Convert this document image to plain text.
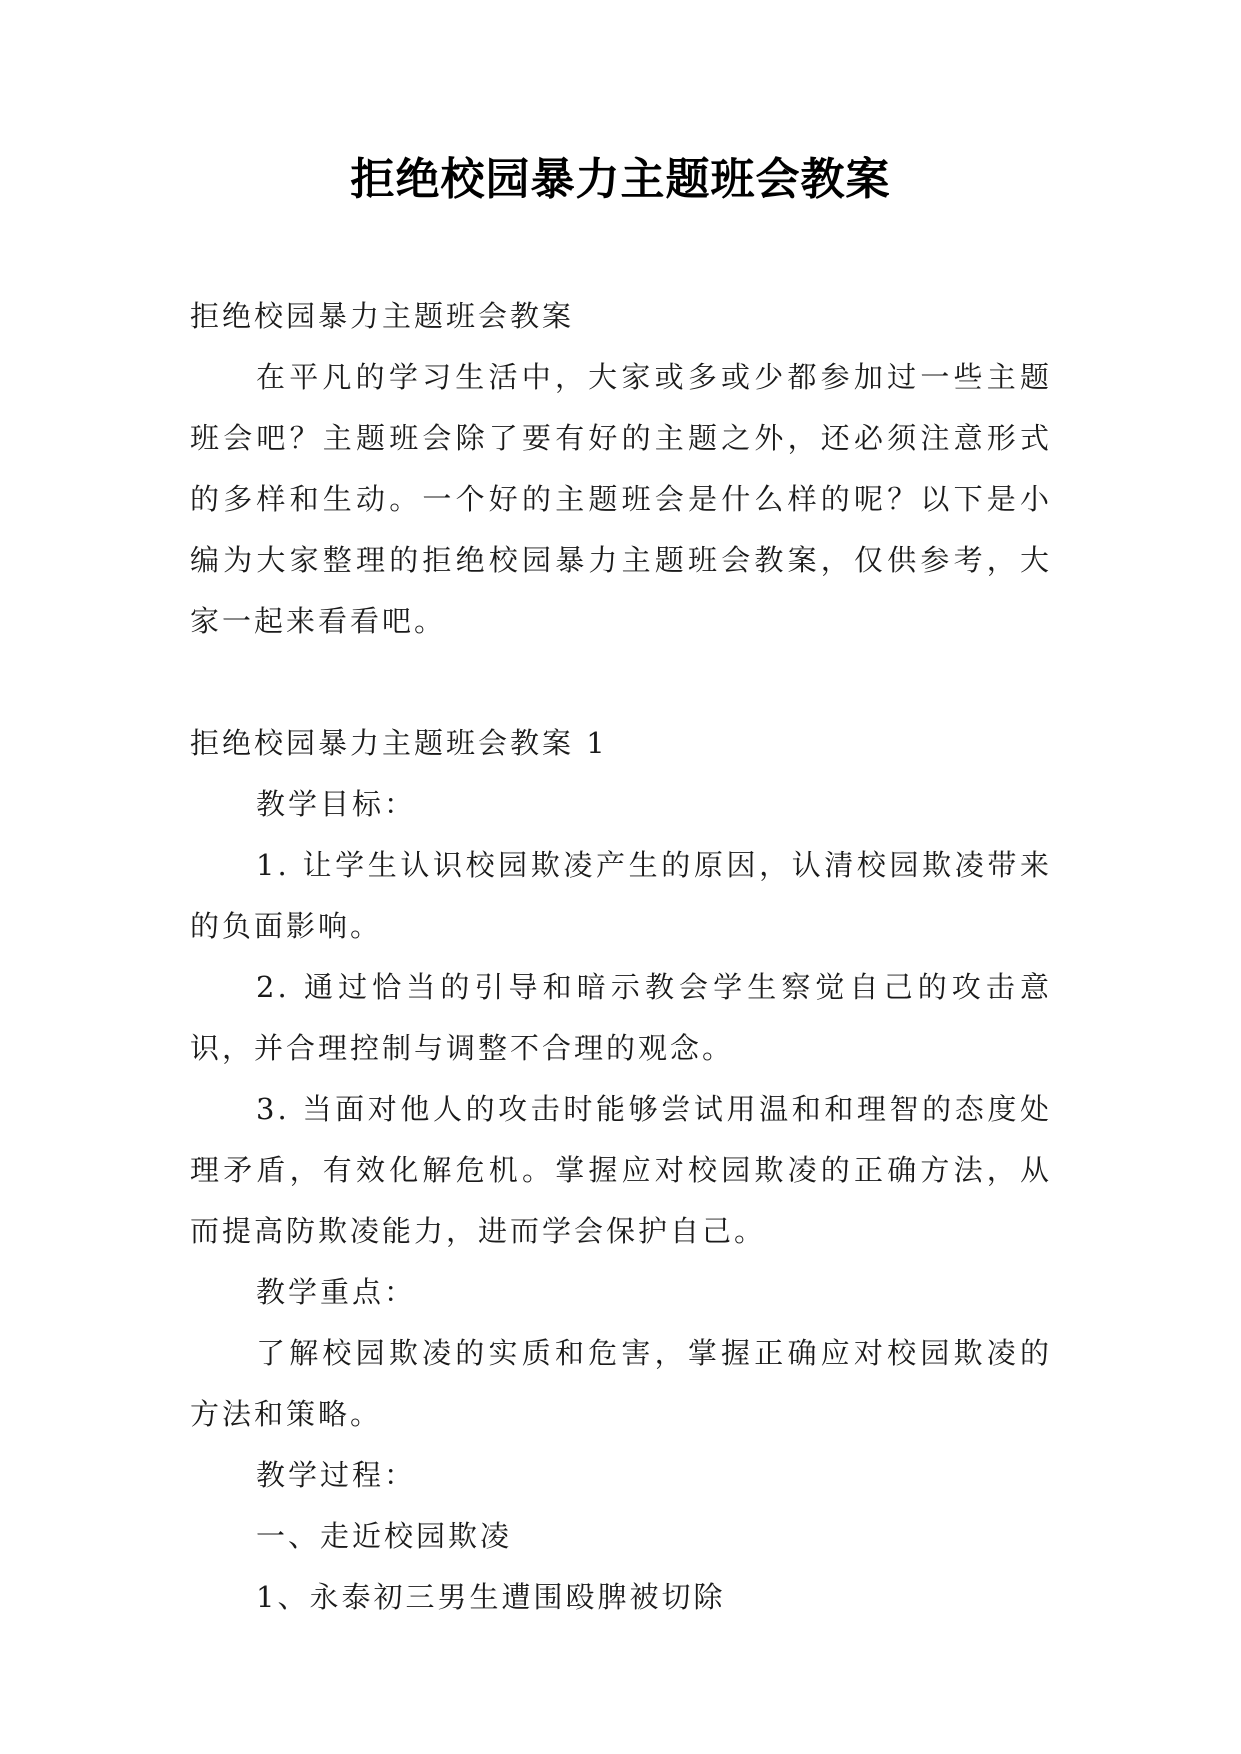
拒绝校园暴力主题班会教案

拒绝校园暴力主题班会教案

在平凡的学习生活中，大家或多或少都参加过一些主题班会吧？主题班会除了要有好的主题之外，还必须注意形式的多样和生动。一个好的主题班会是什么样的呢？以下是小编为大家整理的拒绝校园暴力主题班会教案，仅供参考，大家一起来看看吧。

拒绝校园暴力主题班会教案 1

教学目标：

1. 让学生认识校园欺凌产生的原因，认清校园欺凌带来的负面影响。

2. 通过恰当的引导和暗示教会学生察觉自己的攻击意识，并合理控制与调整不合理的观念。

3. 当面对他人的攻击时能够尝试用温和和理智的态度处理矛盾，有效化解危机。掌握应对校园欺凌的正确方法，从而提高防欺凌能力，进而学会保护自己。

教学重点：

了解校园欺凌的实质和危害，掌握正确应对校园欺凌的方法和策略。

教学过程：

一、走近校园欺凌

1、永泰初三男生遭围殴脾被切除
